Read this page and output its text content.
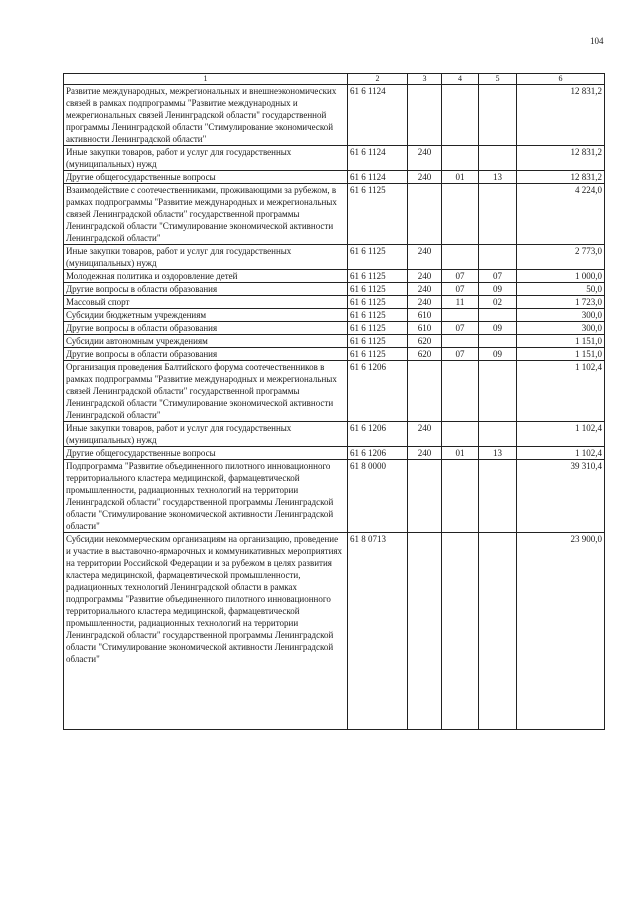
104
1	2	3	4	5	6
Развитие международных, межрегиональных и внешнеэкономических связей в рамках подпрограммы "Развитие международных и межрегиональных связей Ленинградской области" государственной программы Ленинградской области "Стимулирование экономической активности Ленинградской области"	61 6 1124				12 831,2
Иные закупки товаров, работ и услуг для государственных (муниципальных) нужд	61 6 1124	240			12 831,2
Другие общегосударственные вопросы	61 6 1124	240	01	13	12 831,2
Взаимодействие с соотечественниками, проживающими за рубежом, в рамках подпрограммы "Развитие международных и межрегиональных связей Ленинградской области" государственной программы Ленинградской области "Стимулирование экономической активности Ленинградской области"	61 6 1125				4 224,0
Иные закупки товаров, работ и услуг для государственных (муниципальных) нужд	61 6 1125	240			2 773,0
Молодежная политика и оздоровление детей	61 6 1125	240	07	07	1 000,0
Другие вопросы в области образования	61 6 1125	240	07	09	50,0
Массовый спорт	61 6 1125	240	11	02	1 723,0
Субсидии бюджетным учреждениям	61 6 1125	610			300,0
Другие вопросы в области образования	61 6 1125	610	07	09	300,0
Субсидии автономным учреждениям	61 6 1125	620			1 151,0
Другие вопросы в области образования	61 6 1125	620	07	09	1 151,0
Организация проведения Балтийского форума соотечественников в рамках подпрограммы "Развитие международных и межрегиональных связей Ленинградской области" государственной программы Ленинградской области "Стимулирование экономической активности Ленинградской области"	61 6 1206				1 102,4
Иные закупки товаров, работ и услуг для государственных (муниципальных) нужд	61 6 1206	240			1 102,4
Другие общегосударственные вопросы	61 6 1206	240	01	13	1 102,4
Подпрограмма "Развитие объединенного пилотного инновационного территориального кластера медицинской, фармацевтической промышленности, радиационных технологий на территории Ленинградской области" государственной программы Ленинградской области "Стимулирование экономической активности Ленинградской области"	61 8 0000				39 310,4
Субсидии некоммерческим организациям на организацию, проведение и участие в выставочно-ярмарочных и коммуникативных мероприятиях на территории Российской Федерации и за рубежом в целях развития кластера медицинской, фармацевтической промышленности, радиационных технологий Ленинградской области в рамках подпрограммы "Развитие объединенного пилотного инновационного территориального кластера медицинской, фармацевтической промышленности, радиационных технологий на территории Ленинградской области" государственной программы Ленинградской области "Стимулирование экономической активности Ленинградской области"	61 8 0713				23 900,0
